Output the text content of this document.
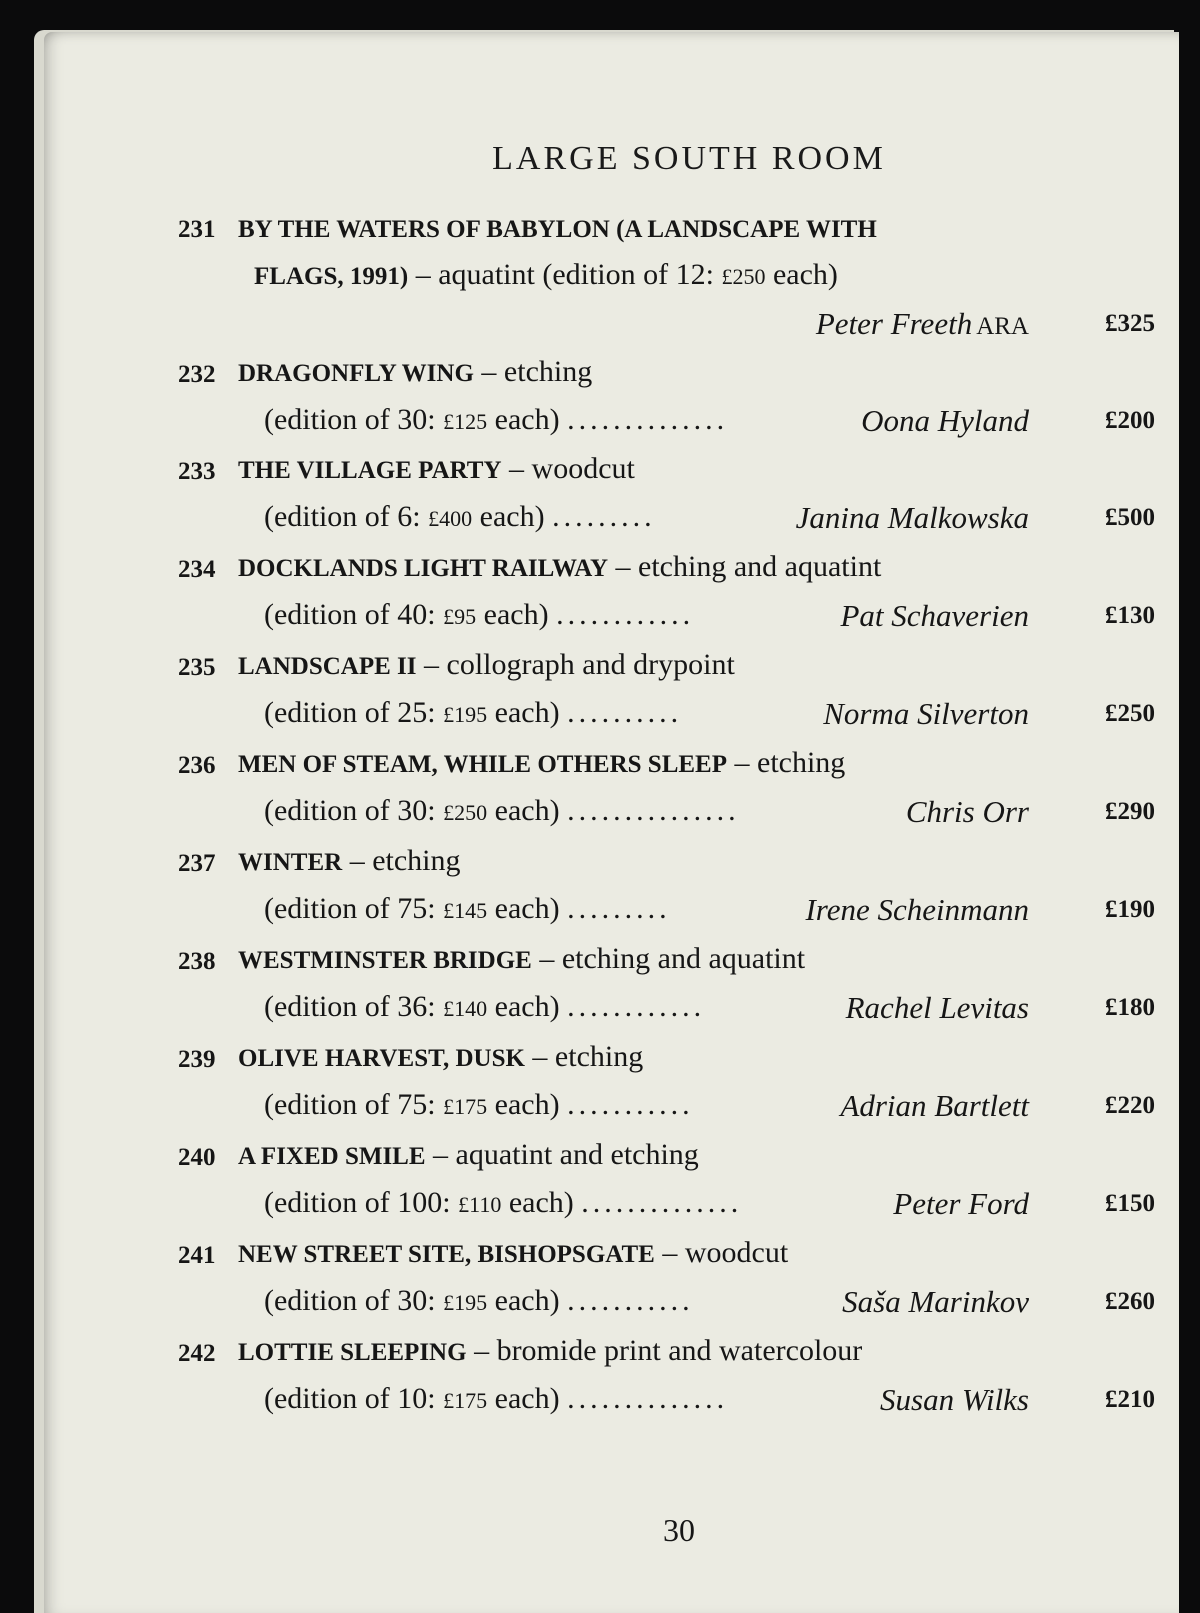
LARGE SOUTH ROOM
231 BY THE WATERS OF BABYLON (A LANDSCAPE WITH
FLAGS, 1991) – aquatint (edition of 12: £250 each)
Peter Freeth ARA	£325
232 DRAGONFLY WING – etching
(edition of 30: £125 each) ..............	Oona Hyland	£200
233 THE VILLAGE PARTY – woodcut
(edition of 6: £400 each) .........	Janina Malkowska	£500
234 DOCKLANDS LIGHT RAILWAY – etching and aquatint
(edition of 40: £95 each) ............	Pat Schaverien	£130
235 LANDSCAPE II – collograph and drypoint
(edition of 25: £195 each) ..........	Norma Silverton	£250
236 MEN OF STEAM, WHILE OTHERS SLEEP – etching
(edition of 30: £250 each) ...............	Chris Orr	£290
237 WINTER – etching
(edition of 75: £145 each) .........	Irene Scheinmann	£190
238 WESTMINSTER BRIDGE – etching and aquatint
(edition of 36: £140 each) ............	Rachel Levitas	£180
239 OLIVE HARVEST, DUSK – etching
(edition of 75: £175 each) ...........	Adrian Bartlett	£220
240 A FIXED SMILE – aquatint and etching
(edition of 100: £110 each) ..............	Peter Ford	£150
241 NEW STREET SITE, BISHOPSGATE – woodcut
(edition of 30: £195 each) ...........	Saša Marinkov	£260
242 LOTTIE SLEEPING – bromide print and watercolour
(edition of 10: £175 each) ..............	Susan Wilks	£210
30
